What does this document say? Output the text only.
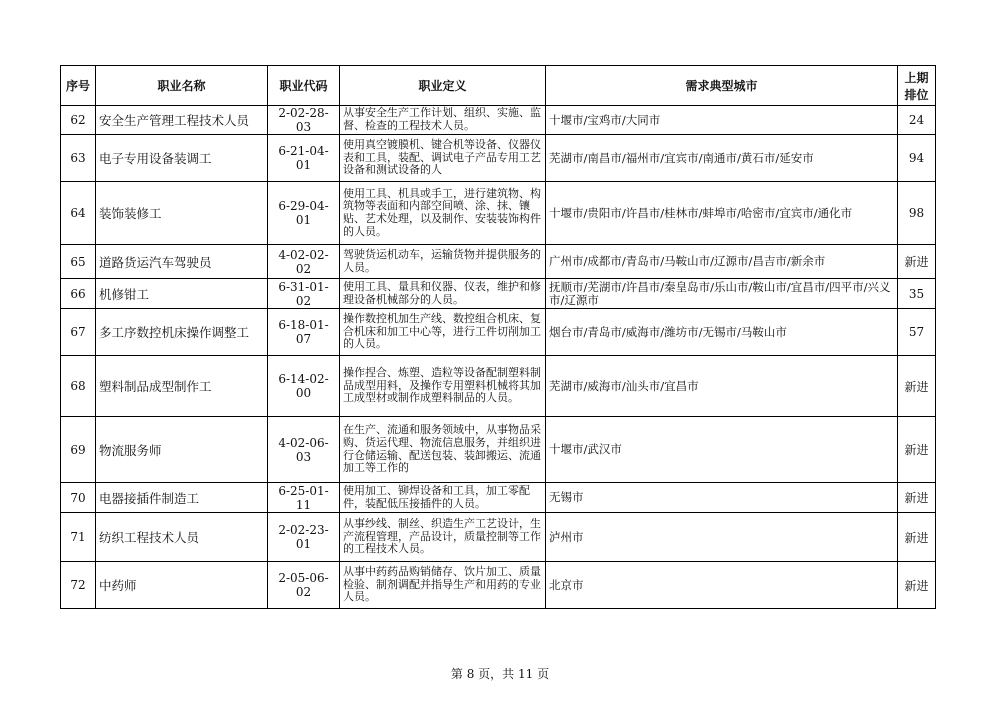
序号	职业名称	职业代码	职业定义	需求典型城市	上期排位
62	安全生产管理工程技术人员	2-02-28-03	从事安全生产工作计划、组织、实施、监督、检查的工程技术人员。	十堰市/宝鸡市/大同市	24
63	电子专用设备装调工	6-21-04-01	使用真空镀膜机、键合机等设备、仪器仪表和工具，装配、调试电子产品专用工艺设备和测试设备的人	芜湖市/南昌市/福州市/宜宾市/南通市/黄石市/延安市	94
64	装饰装修工	6-29-04-01	使用工具、机具或手工，进行建筑物、构筑物等表面和内部空间喷、涂、抹、镶贴、艺术处理，以及制作、安装装饰构件的人员。	十堰市/贵阳市/许昌市/桂林市/蚌埠市/哈密市/宜宾市/通化市	98
65	道路货运汽车驾驶员	4-02-02-02	驾驶货运机动车，运输货物并提供服务的人员。	广州市/成都市/青岛市/马鞍山市/辽源市/昌吉市/新余市	新进
66	机修钳工	6-31-01-02	使用工具、量具和仪器、仪表，维护和修理设备机械部分的人员。	抚顺市/芜湖市/许昌市/秦皇岛市/乐山市/鞍山市/宜昌市/四平市/兴义市/辽源市	35
67	多工序数控机床操作调整工	6-18-01-07	操作数控机加生产线、数控组合机床、复合机床和加工中心等，进行工件切削加工的人员。	烟台市/青岛市/威海市/潍坊市/无锡市/马鞍山市	57
68	塑料制品成型制作工	6-14-02-00	操作捏合、炼塑、造粒等设备配制塑料制品成型用料，及操作专用塑料机械将其加工成型材或制作成塑料制品的人员。	芜湖市/威海市/汕头市/宜昌市	新进
69	物流服务师	4-02-06-03	在生产、流通和服务领域中，从事物品采购、货运代理、物流信息服务，并组织进行仓储运输、配送包装、装卸搬运、流通加工等工作的	十堰市/武汉市	新进
70	电器接插件制造工	6-25-01-11	使用加工、铆焊设备和工具，加工零配件，装配低压接插件的人员。	无锡市	新进
71	纺织工程技术人员	2-02-23-01	从事纱线、制丝、织造生产工艺设计，生产流程管理，产品设计，质量控制等工作的工程技术人员。	泸州市	新进
72	中药师	2-05-06-02	从事中药药品购销储存、饮片加工、质量检验、制剂调配并指导生产和用药的专业人员。	北京市	新进
第 8 页，共 11 页
